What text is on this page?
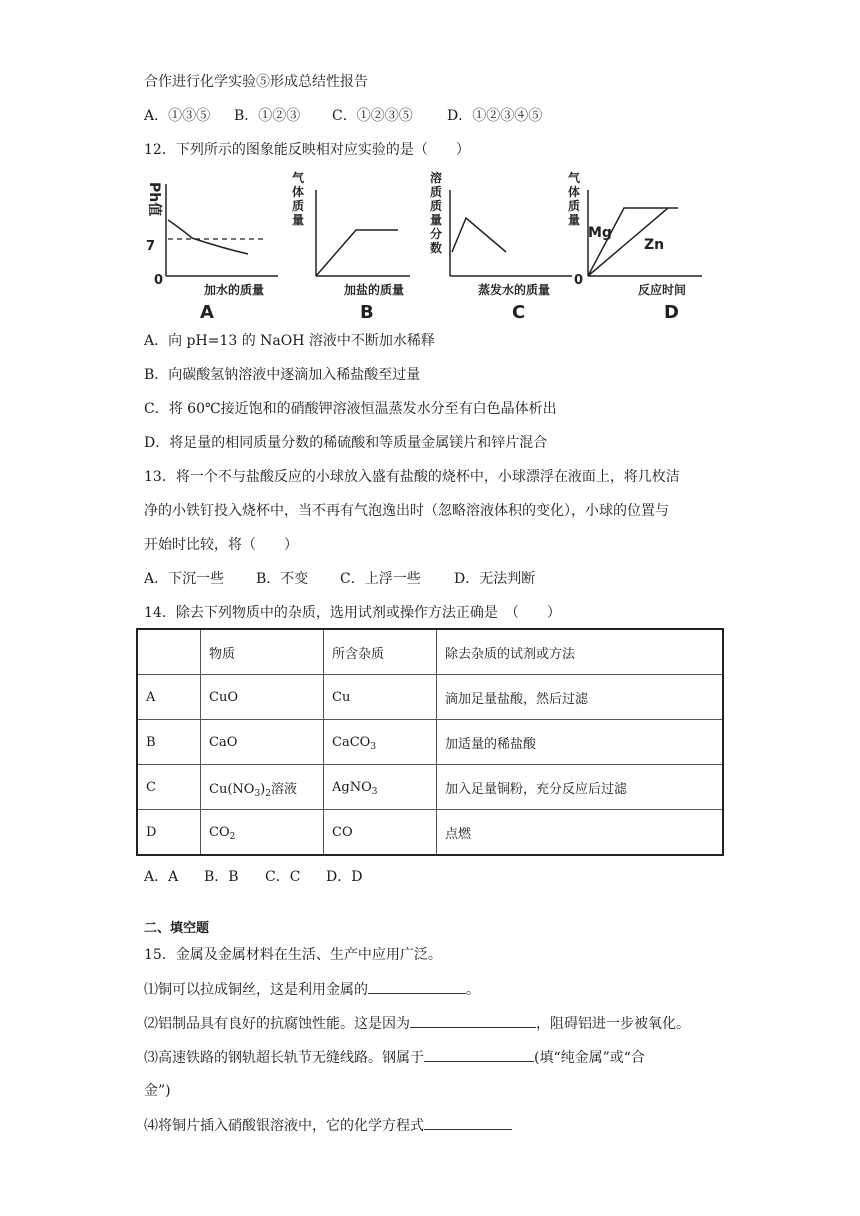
合作进行化学实验⑤形成总结性报告
A．①③⑤ B．①②③ C．①②③⑤ D．①②③④⑤
12．下列所示的图象能反映相对应实验的是（　　）
Ph值
7
0
加水的质量
A
气体质量
加盐的质量
B
溶质质量分数
蒸发水的质量
C
气体质量
0
Mg
Zn
反应时间
D
A．向 pH=13 的 NaOH 溶液中不断加水稀释
B．向碳酸氢钠溶液中逐滴加入稀盐酸至过量
C．将 60℃接近饱和的硝酸钾溶液恒温蒸发水分至有白色晶体析出
D．将足量的相同质量分数的稀硫酸和等质量金属镁片和锌片混合
13．将一个不与盐酸反应的小球放入盛有盐酸的烧杯中，小球漂浮在液面上，将几枚洁
净的小铁钉投入烧杯中，当不再有气泡逸出时（忽略溶液体积的变化），小球的位置与
开始时比较，将（　　）
A．下沉一些 B．不变 C．上浮一些 D．无法判断
14．除去下列物质中的杂质，选用试剂或操作方法正确是　（　　）
	物质	所含杂质	除去杂质的试剂或方法
A	CuO	Cu	滴加足量盐酸，然后过滤
B	CaO	CaCO$_3$	加适量的稀盐酸
C	$Cu(NO_3)_2$溶液	AgNO$_3$	加入足量铜粉，充分反应后过滤
D	$CO_2$	CO	点燃
A．A B．B C．C D．D
二、填空题
15．金属及金属材料在生活、生产中应用广泛。
⑴铜可以拉成铜丝，这是利用金属的	。
⑵铝制品具有良好的抗腐蚀性能。这是因为	，阻碍铝进一步被氧化。
⑶高速铁路的钢轨超长轨节无缝线路。钢属于	(填“纯金属”或“合
金”)
⑷将铜片插入硝酸银溶液中，它的化学方程式
